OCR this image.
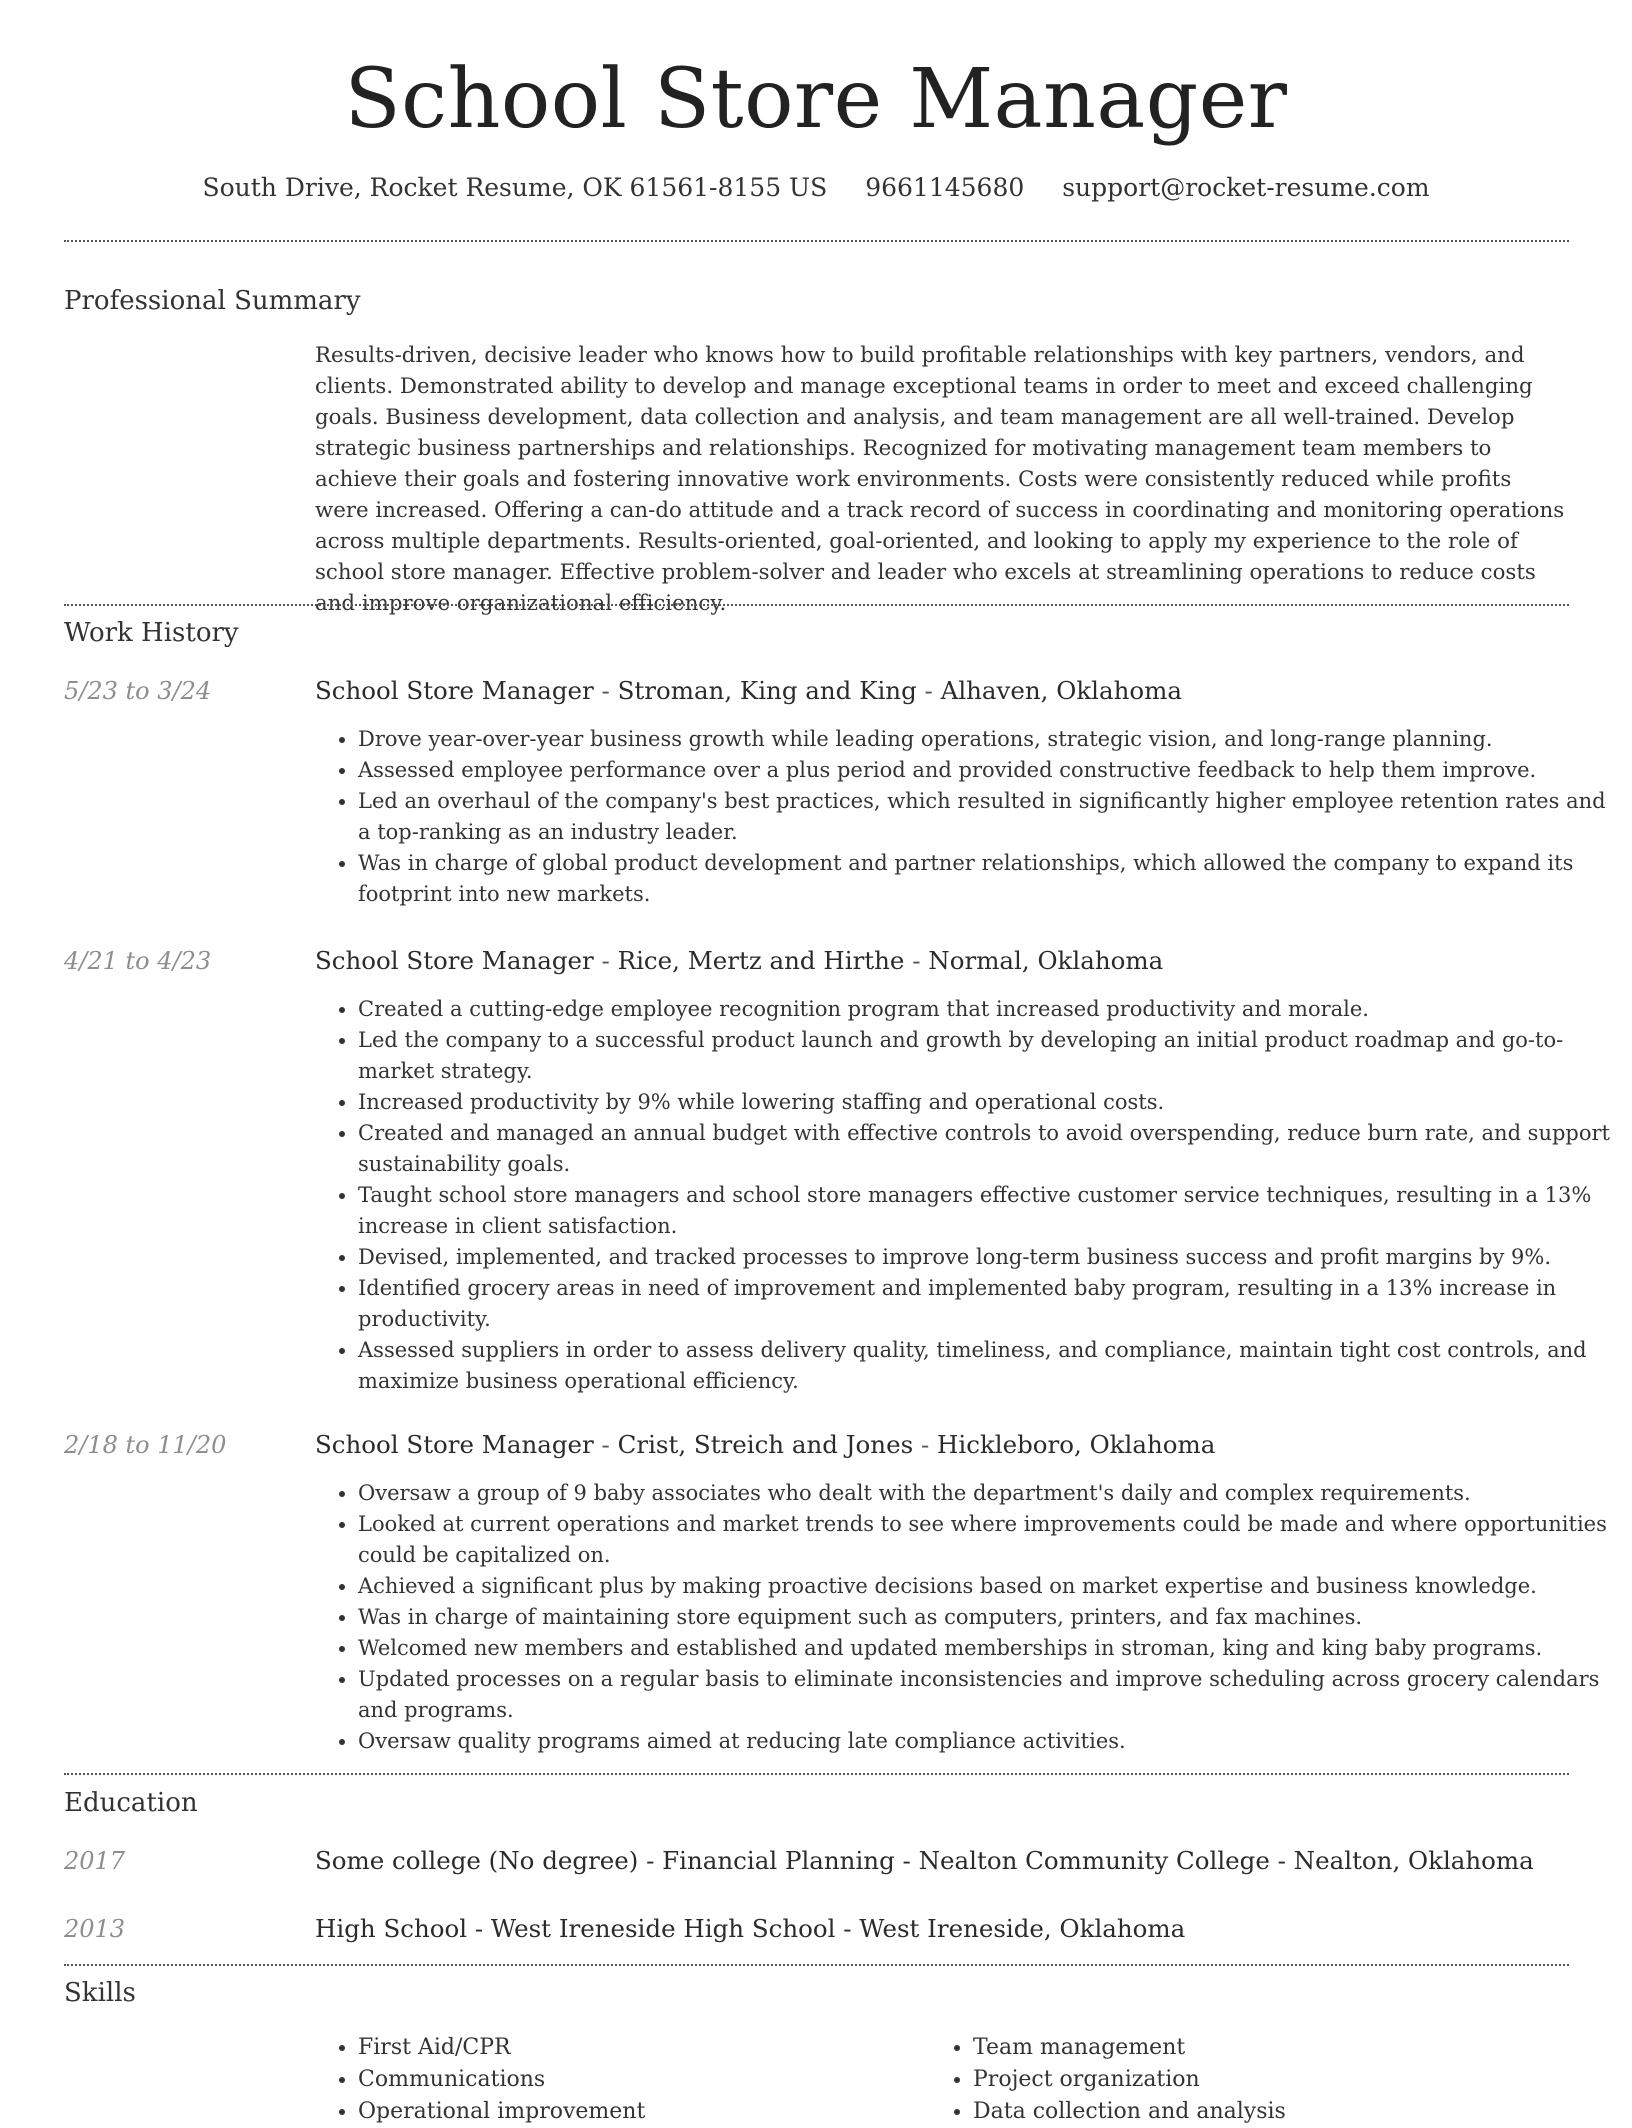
School Store Manager
South Drive, Rocket Resume, OK 61561-8155 US 9661145680 support@rocket-resume.com
Professional Summary

Results-driven, decisive leader who knows how to build profitable relationships with key partners, vendors, and clients. Demonstrated ability to develop and manage exceptional teams in order to meet and exceed challenging goals. Business development, data collection and analysis, and team management are all well-trained. Develop strategic business partnerships and relationships. Recognized for motivating management team members to achieve their goals and fostering innovative work environments. Costs were consistently reduced while profits were increased. Offering a can-do attitude and a track record of success in coordinating and monitoring operations across multiple departments. Results-oriented, goal-oriented, and looking to apply my experience to the role of school store manager. Effective problem-solver and leader who excels at streamlining operations to reduce costs and improve organizational efficiency.

Work History
5/23 to 3/24	School Store Manager - Stroman, King and King - Alhaven, Oklahoma
• Drove year-over-year business growth while leading operations, strategic vision, and long-range planning.
• Assessed employee performance over a plus period and provided constructive feedback to help them improve.
• Led an overhaul of the company's best practices, which resulted in significantly higher employee retention rates and a top-ranking as an industry leader.
• Was in charge of global product development and partner relationships, which allowed the company to expand its footprint into new markets.
4/21 to 4/23	School Store Manager - Rice, Mertz and Hirthe - Normal, Oklahoma
• Created a cutting-edge employee recognition program that increased productivity and morale.
• Led the company to a successful product launch and growth by developing an initial product roadmap and go-to-market strategy.
• Increased productivity by 9% while lowering staffing and operational costs.
• Created and managed an annual budget with effective controls to avoid overspending, reduce burn rate, and support sustainability goals.
• Taught school store managers and school store managers effective customer service techniques, resulting in a 13% increase in client satisfaction.
• Devised, implemented, and tracked processes to improve long-term business success and profit margins by 9%.
• Identified grocery areas in need of improvement and implemented baby program, resulting in a 13% increase in productivity.
• Assessed suppliers in order to assess delivery quality, timeliness, and compliance, maintain tight cost controls, and maximize business operational efficiency.
2/18 to 11/20	School Store Manager - Crist, Streich and Jones - Hickleboro, Oklahoma
• Oversaw a group of 9 baby associates who dealt with the department's daily and complex requirements.
• Looked at current operations and market trends to see where improvements could be made and where opportunities could be capitalized on.
• Achieved a significant plus by making proactive decisions based on market expertise and business knowledge.
• Was in charge of maintaining store equipment such as computers, printers, and fax machines.
• Welcomed new members and established and updated memberships in stroman, king and king baby programs.
• Updated processes on a regular basis to eliminate inconsistencies and improve scheduling across grocery calendars and programs.
• Oversaw quality programs aimed at reducing late compliance activities.
Education
2017	Some college (No degree) - Financial Planning - Nealton Community College - Nealton, Oklahoma
2013	High School - West Ireneside High School - West Ireneside, Oklahoma
Skills
• First Aid/CPR
• Communications
• Operational improvement
• Team management
• Project organization
• Data collection and analysis
